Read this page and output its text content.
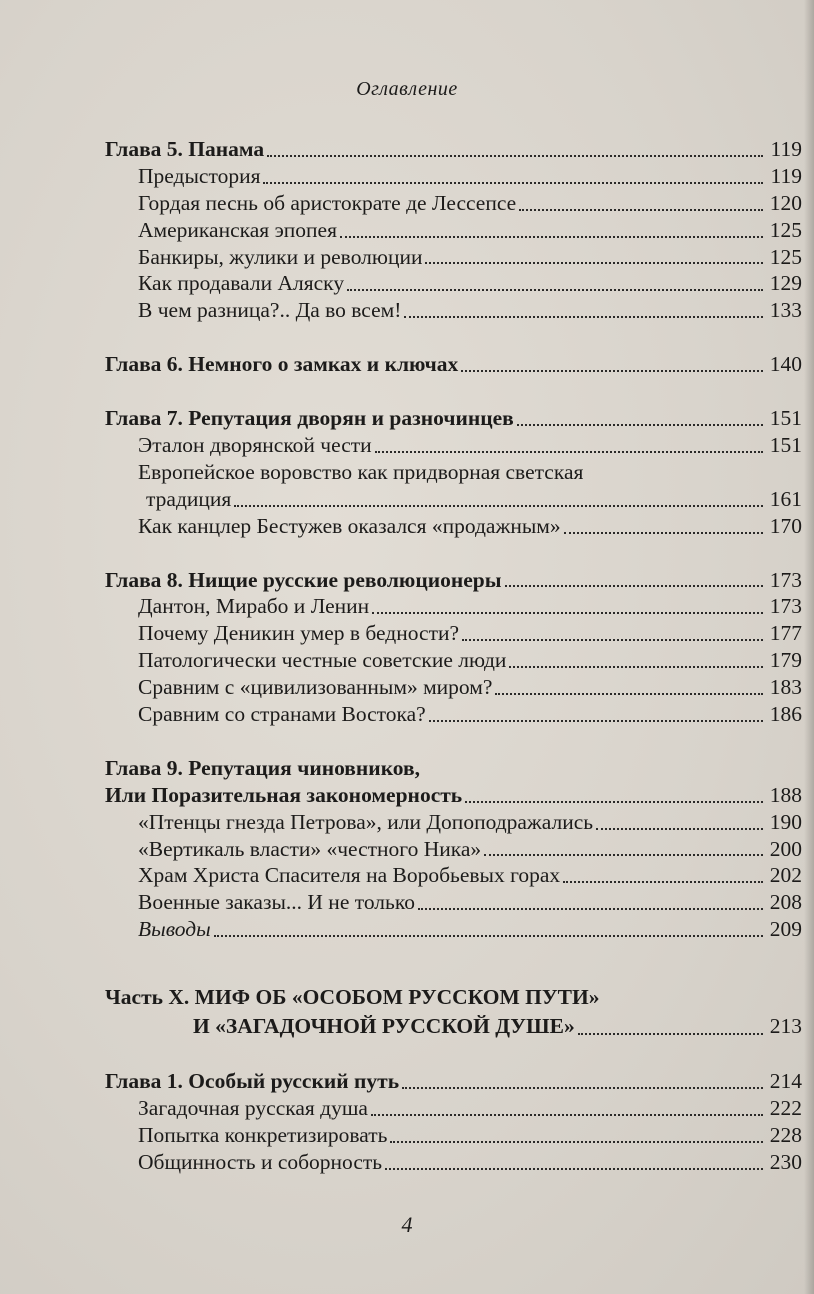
Оглавление
Глава 5. Панама	119
Предыстория	119
Гордая песнь об аристократе де Лессепсе	120
Американская эпопея	125
Банкиры, жулики и революции	125
Как продавали Аляску	129
В чем разница?.. Да во всем!	133
Глава 6. Немного о замках и ключах	140
Глава 7. Репутация дворян и разночинцев	151
Эталон дворянской чести	151
Европейское воровство как придворная светская
традиция	161
Как канцлер Бестужев оказался «продажным»	170
Глава 8. Нищие русские революционеры	173
Дантон, Мирабо и Ленин	173
Почему Деникин умер в бедности?	177
Патологически честные советские люди	179
Сравним с «цивилизованным» миром?	183
Сравним со странами Востока?	186
Глава 9. Репутация чиновников,
Или Поразительная закономерность	188
«Птенцы гнезда Петрова», или Допоподражались	190
«Вертикаль власти» «честного Ника»	200
Храм Христа Спасителя на Воробьевых горах	202
Военные заказы... И не только	208
Выводы	209
Часть X. МИФ ОБ «ОСОБОМ РУССКОМ ПУТИ»
И «ЗАГАДОЧНОЙ РУССКОЙ ДУШЕ»	213
Глава 1. Особый русский путь	214
Загадочная русская душа	222
Попытка конкретизировать	228
Общинность и соборность	230
4
